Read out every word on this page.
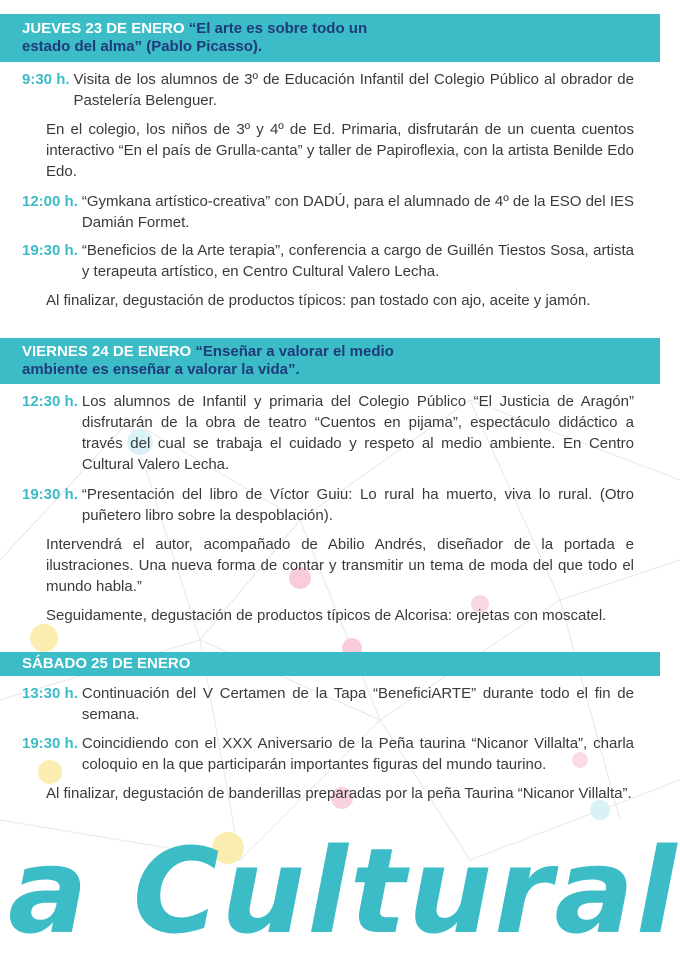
JUEVES 23 DE ENERO “El arte es sobre todo un
estado del alma” (Pablo Picasso).
9:30 h. Visita de los alumnos de 3º de Educación Infantil del Colegio Público al obrador de Pastelería Belenguer.
En el colegio, los niños de 3º y 4º de Ed. Primaria, disfrutarán de un cuenta cuentos interactivo “En el país de Grulla-canta” y taller de Papiroflexia, con la artista Benilde Edo Edo.
12:00 h. “Gymkana artístico-creativa” con DADÚ, para el alumnado de 4º de la ESO del IES Damián Formet.
19:30 h. “Beneficios de la Arte terapia”, conferencia a cargo de Guillén Tiestos Sosa, artista y terapeuta artístico, en Centro Cultural Valero Lecha.
Al finalizar, degustación de productos típicos: pan tostado con ajo, aceite y jamón.
VIERNES 24 DE ENERO “Enseñar a valorar el medio
ambiente es enseñar a valorar la vida”.
12:30 h. Los alumnos de Infantil y primaria del Colegio Público “El Justicia de Aragón” disfrutarán de la obra de teatro “Cuentos en pijama”, espectáculo didáctico a través del cual se trabaja el cuidado y respeto al medio ambiente. En Centro Cultural Valero Lecha.
19:30 h. “Presentación del libro de Víctor Guiu: Lo rural ha muerto, viva lo rural. (Otro puñetero libro sobre la despoblación).
Intervendrá el autor, acompañado de Abilio Andrés, diseñador de la portada e ilustraciones. Una nueva forma de contar y transmitir un tema de moda del que todo el mundo habla.”
Seguidamente, degustación de productos típicos de Alcorisa: orejetas con moscatel.
SÁBADO 25 DE ENERO
13:30 h. Continuación del V Certamen de la Tapa “BeneficiARTE” durante todo el fin de semana.
19:30 h. Coincidiendo con el XXX Aniversario de la Peña taurina “Nicanor Villalta”, charla coloquio en la que participarán importantes figuras del mundo taurino.
Al finalizar, degustación de banderillas preparadas por la peña Taurina “Nicanor Villalta”.
a Cultural
